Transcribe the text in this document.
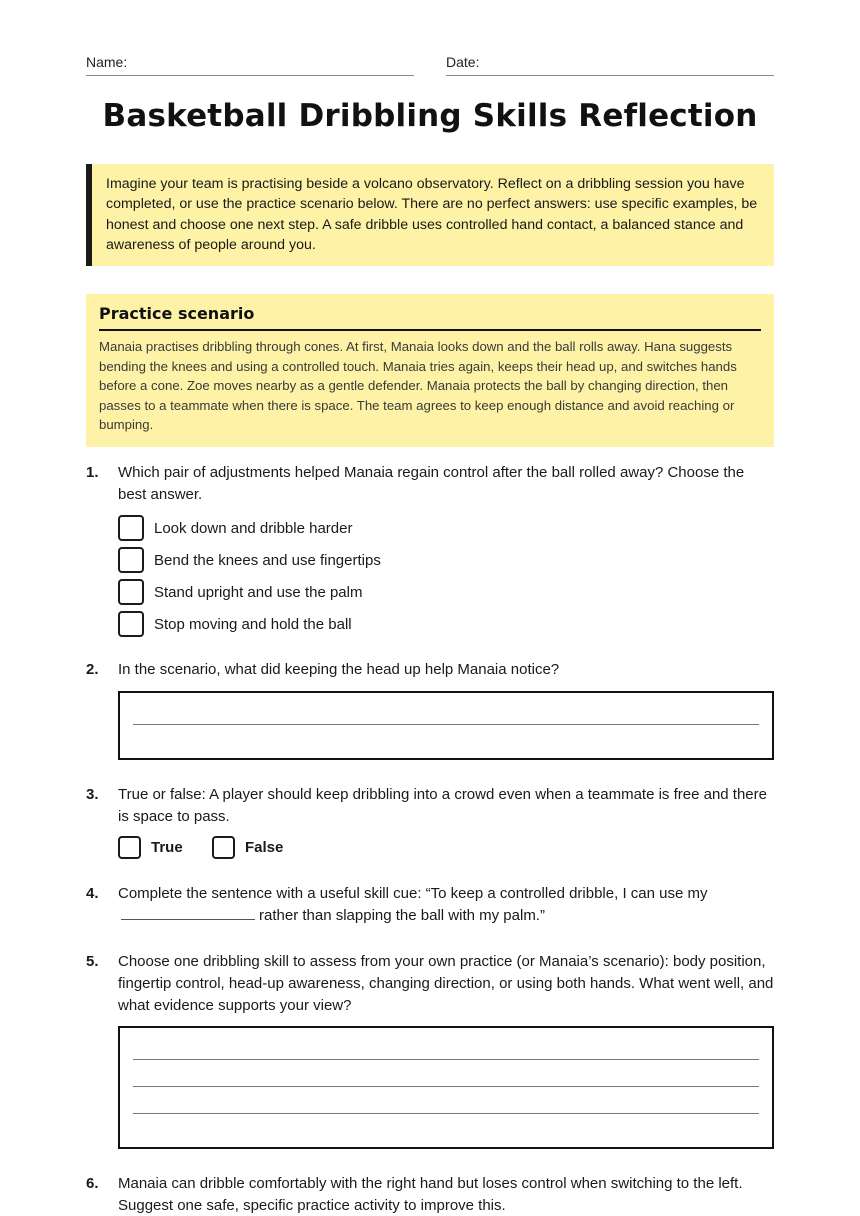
Name:	Date:
Basketball Dribbling Skills Reflection
Imagine your team is practising beside a volcano observatory. Reflect on a dribbling session you have completed, or use the practice scenario below. There are no perfect answers: use specific examples, be honest and choose one next step. A safe dribble uses controlled hand contact, a balanced stance and awareness of people around you.
Practice scenario

Manaia practises dribbling through cones. At first, Manaia looks down and the ball rolls away. Hana suggests bending the knees and using a controlled touch. Manaia tries again, keeps their head up, and switches hands before a cone. Zoe moves nearby as a gentle defender. Manaia protects the ball by changing direction, then passes to a teammate when there is space. The team agrees to keep enough distance and avoid reaching or bumping.

1. Which pair of adjustments helped Manaia regain control after the ball rolled away? Choose the best answer.
Look down and dribble harder
Bend the knees and use fingertips
Stand upright and use the palm
Stop moving and hold the ball
2. In the scenario, what did keeping the head up help Manaia notice?
3. True or false: A player should keep dribbling into a crowd even when a teammate is free and there is space to pass.
True	False
4. Complete the sentence with a useful skill cue: “To keep a controlled dribble, I can use my rather than slapping the ball with my palm.”
5. Choose one dribbling skill to assess from your own practice (or Manaia’s scenario): body position, fingertip control, head-up awareness, changing direction, or using both hands. What went well, and what evidence supports your view?
6. Manaia can dribble comfortably with the right hand but loses control when switching to the left. Suggest one safe, specific practice activity to improve this.
